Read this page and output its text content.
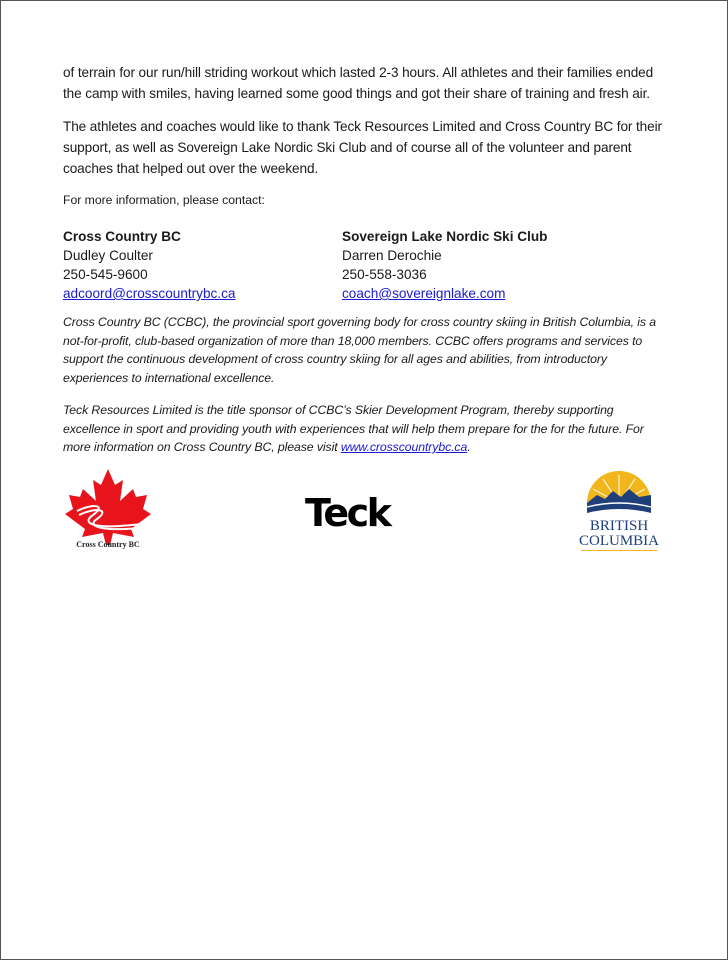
of terrain for our run/hill striding workout which lasted 2-3 hours. All athletes and their families ended the camp with smiles, having learned some good things and got their share of training and fresh air.

The athletes and coaches would like to thank Teck Resources Limited and Cross Country BC for their support, as well as Sovereign Lake Nordic Ski Club and of course all of the volunteer and parent coaches that helped out over the weekend.

For more information, please contact:

Cross Country BC
Dudley Coulter
250-545-9600
adcoord@crosscountrybc.ca
Sovereign Lake Nordic Ski Club
Darren Derochie
250-558-3036
coach@sovereignlake.com

Cross Country BC (CCBC), the provincial sport governing body for cross country skiing in British Columbia, is a not-for-profit, club-based organization of more than 18,000 members. CCBC offers programs and services to support the continuous development of cross country skiing for all ages and abilities, from introductory experiences to international excellence.

Teck Resources Limited is the title sponsor of CCBC’s Skier Development Program, thereby supporting excellence in sport and providing youth with experiences that will help them prepare for the for the future. For more information on Cross Country BC, please visit www.crosscountrybc.ca.

Cross Country BC
Teck	BRITISH
COLUMBIA
